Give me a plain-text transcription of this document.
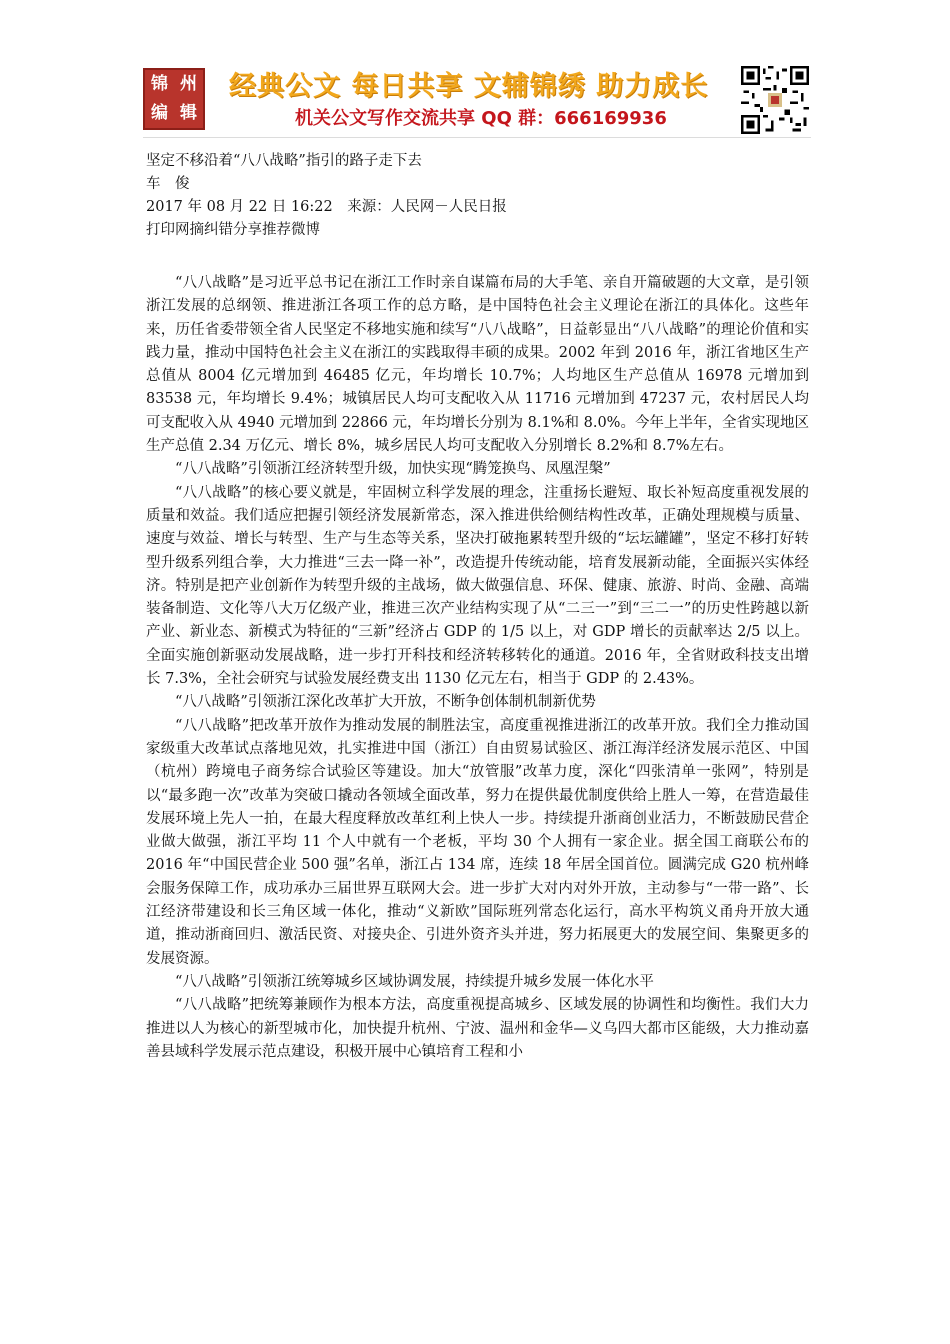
锦 州
编 辑
经典公文 每日共享 文辅锦绣 助力成长
机关公文写作交流共享 QQ 群：666169936
坚定不移沿着“八八战略”指引的路子走下去
车　俊
2017 年 08 月 22 日 16:22　来源：人民网－人民日报
打印网摘纠错分享推荐微博

“八八战略”是习近平总书记在浙江工作时亲自谋篇布局的大手笔、亲自开篇破题的大文章，是引领浙江发展的总纲领、推进浙江各项工作的总方略，是中国特色社会主义理论在浙江的具体化。这些年来，历任省委带领全省人民坚定不移地实施和续写“八八战略”，日益彰显出“八八战略”的理论价值和实践力量，推动中国特色社会主义在浙江的实践取得丰硕的成果。2002 年到 2016 年，浙江省地区生产总值从 8004 亿元增加到 46485 亿元，年均增长 10.7%；人均地区生产总值从 16978 元增加到 83538 元，年均增长 9.4%；城镇居民人均可支配收入从 11716 元增加到 47237 元，农村居民人均可支配收入从 4940 元增加到 22866 元，年均增长分别为 8.1%和 8.0%。今年上半年，全省实现地区生产总值 2.34 万亿元、增长 8%，城乡居民人均可支配收入分别增长 8.2%和 8.7%左右。

“八八战略”引领浙江经济转型升级，加快实现“腾笼换鸟、凤凰涅槃”

“八八战略”的核心要义就是，牢固树立科学发展的理念，注重扬长避短、取长补短高度重视发展的质量和效益。我们适应把握引领经济发展新常态，深入推进供给侧结构性改革，正确处理规模与质量、速度与效益、增长与转型、生产与生态等关系，坚决打破拖累转型升级的“坛坛罐罐”，坚定不移打好转型升级系列组合拳，大力推进“三去一降一补”，改造提升传统动能，培育发展新动能，全面振兴实体经济。特别是把产业创新作为转型升级的主战场，做大做强信息、环保、健康、旅游、时尚、金融、高端装备制造、文化等八大万亿级产业，推进三次产业结构实现了从“二三一”到“三二一”的历史性跨越以新产业、新业态、新模式为特征的“三新”经济占 GDP 的 1/5 以上，对 GDP 增长的贡献率达 2/5 以上。全面实施创新驱动发展战略，进一步打开科技和经济转移转化的通道。2016 年，全省财政科技支出增长 7.3%，全社会研究与试验发展经费支出 1130 亿元左右，相当于 GDP 的 2.43%。

“八八战略”引领浙江深化改革扩大开放，不断争创体制机制新优势

“八八战略”把改革开放作为推动发展的制胜法宝，高度重视推进浙江的改革开放。我们全力推动国家级重大改革试点落地见效，扎实推进中国（浙江）自由贸易试验区、浙江海洋经济发展示范区、中国（杭州）跨境电子商务综合试验区等建设。加大“放管服”改革力度，深化“四张清单一张网”，特别是以“最多跑一次”改革为突破口撬动各领域全面改革，努力在提供最优制度供给上胜人一筹，在营造最佳发展环境上先人一拍，在最大程度释放改革红利上快人一步。持续提升浙商创业活力，不断鼓励民营企业做大做强，浙江平均 11 个人中就有一个老板，平均 30 个人拥有一家企业。据全国工商联公布的 2016 年“中国民营企业 500 强”名单，浙江占 134 席，连续 18 年居全国首位。圆满完成 G20 杭州峰会服务保障工作，成功承办三届世界互联网大会。进一步扩大对内对外开放，主动参与“一带一路”、长江经济带建设和长三角区域一体化，推动“义新欧”国际班列常态化运行，高水平构筑义甬舟开放大通道，推动浙商回归、激活民资、对接央企、引进外资齐头并进，努力拓展更大的发展空间、集聚更多的发展资源。

“八八战略”引领浙江统筹城乡区域协调发展，持续提升城乡发展一体化水平

“八八战略”把统筹兼顾作为根本方法，高度重视提高城乡、区域发展的协调性和均衡性。我们大力推进以人为核心的新型城市化，加快提升杭州、宁波、温州和金华—义乌四大都市区能级，大力推动嘉善县域科学发展示范点建设，积极开展中心镇培育工程和小
